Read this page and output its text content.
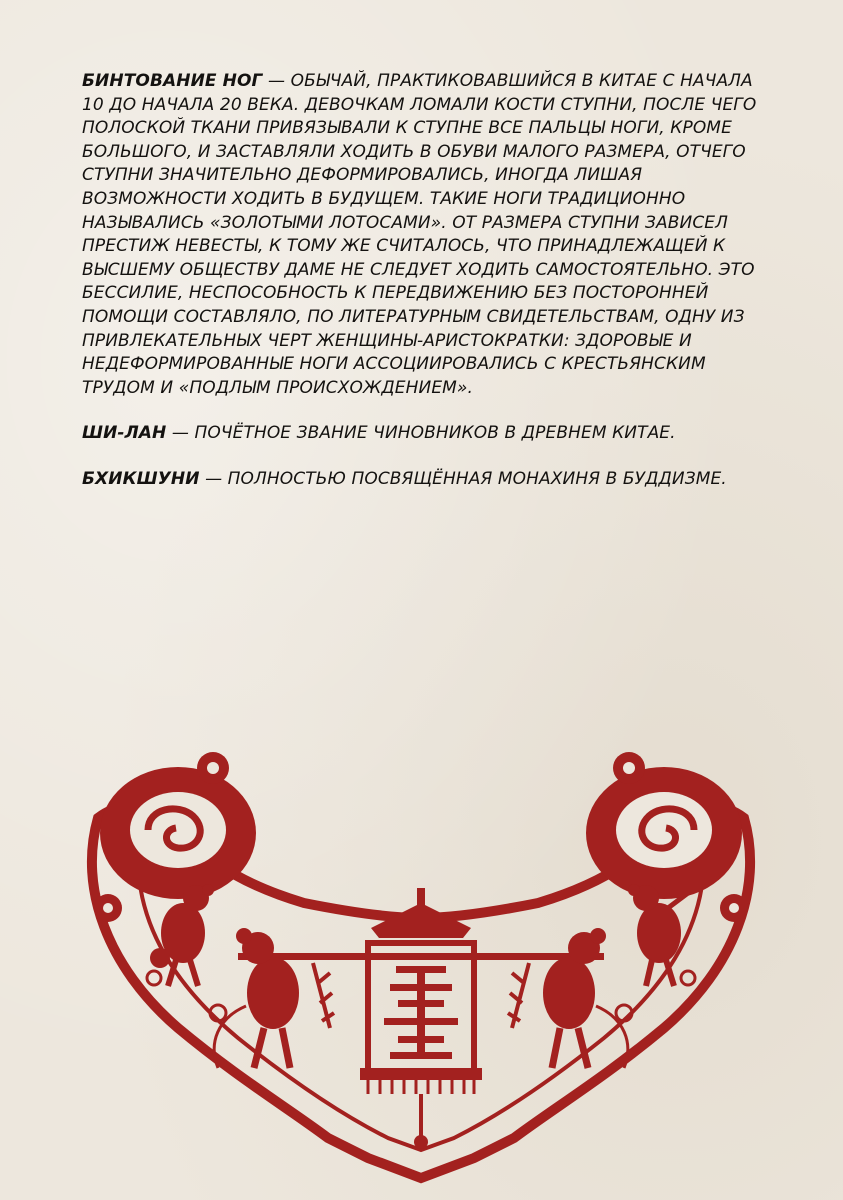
БИНТОВАНИЕ НОГ — ОБЫЧАЙ, ПРАКТИКОВАВШИЙСЯ В КИТАЕ С НАЧАЛА 10 ДО НАЧАЛА 20 ВЕКА. ДЕВОЧКАМ ЛОМАЛИ КОСТИ СТУПНИ, ПОСЛЕ ЧЕГО ПОЛОСКОЙ ТКАНИ ПРИВЯЗЫВАЛИ К СТУПНЕ ВСЕ ПАЛЬЦЫ НОГИ, КРОМЕ БОЛЬШОГО, И ЗАСТАВЛЯЛИ ХОДИТЬ В ОБУВИ МАЛОГО РАЗМЕРА, ОТЧЕГО СТУПНИ ЗНАЧИТЕЛЬНО ДЕФОРМИРОВАЛИСЬ, ИНОГДА ЛИШАЯ ВОЗМОЖНОСТИ ХОДИТЬ В БУДУЩЕМ. ТАКИЕ НОГИ ТРАДИЦИОННО НАЗЫВАЛИСЬ «ЗОЛОТЫМИ ЛОТОСАМИ». ОТ РАЗМЕРА СТУПНИ ЗАВИСЕЛ ПРЕСТИЖ НЕВЕСТЫ, К ТОМУ ЖЕ СЧИТАЛОСЬ, ЧТО ПРИНАДЛЕЖАЩЕЙ К ВЫСШЕМУ ОБЩЕСТВУ ДАМЕ НЕ СЛЕДУЕТ ХОДИТЬ САМОСТОЯТЕЛЬНО. ЭТО БЕССИЛИЕ, НЕСПОСОБНОСТЬ К ПЕРЕДВИЖЕНИЮ БЕЗ ПОСТОРОННЕЙ ПОМОЩИ СОСТАВЛЯЛО, ПО ЛИТЕРАТУРНЫМ СВИДЕТЕЛЬСТВАМ, ОДНУ ИЗ ПРИВЛЕКАТЕЛЬНЫХ ЧЕРТ ЖЕНЩИНЫ-АРИСТОКРАТКИ: ЗДОРОВЫЕ И НЕДЕФОРМИРОВАННЫЕ НОГИ АССОЦИИРОВАЛИСЬ С КРЕСТЬЯНСКИМ ТРУДОМ И «ПОДЛЫМ ПРОИСХОЖДЕНИЕМ».

ШИ-ЛАН — ПОЧЁТНОЕ ЗВАНИЕ ЧИНОВНИКОВ В ДРЕВНЕМ КИТАЕ.

БХИКШУНИ — ПОЛНОСТЬЮ ПОСВЯЩЁННАЯ МОНАХИНЯ В БУДДИЗМЕ.
